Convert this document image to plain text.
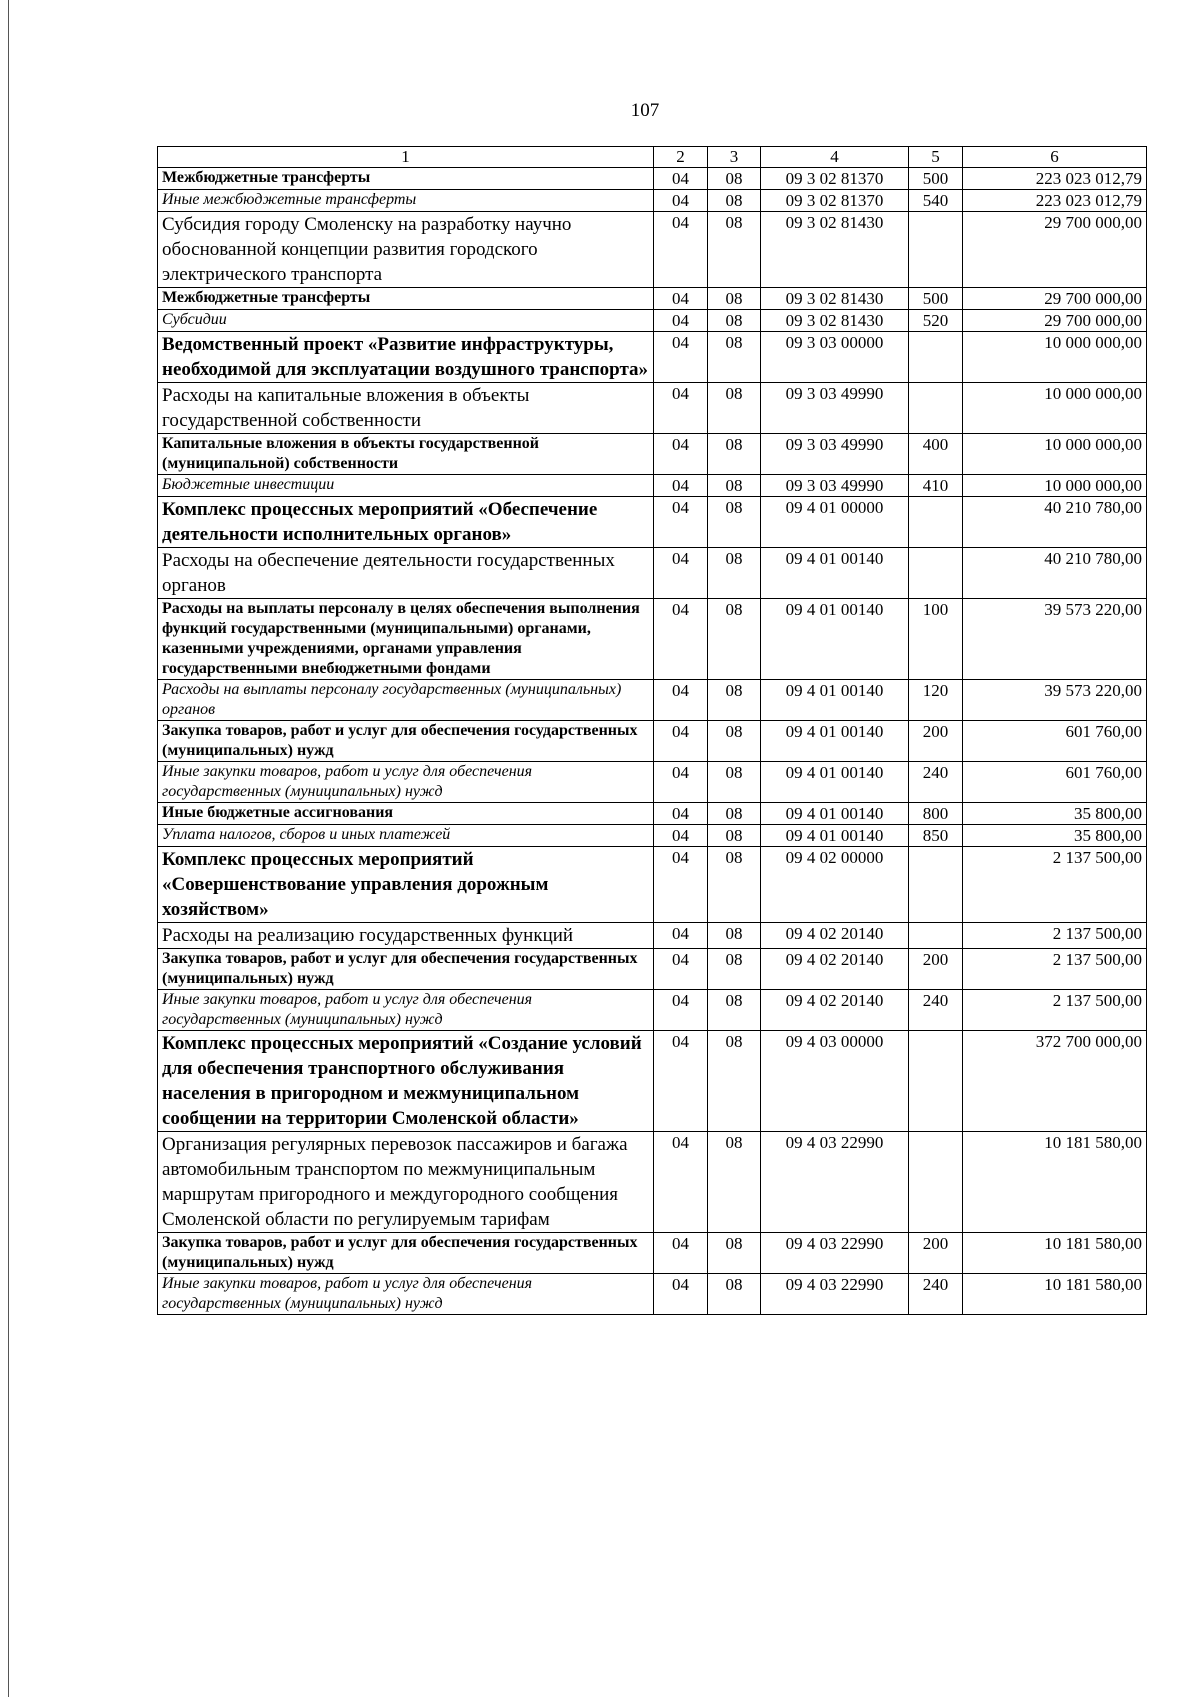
107
1	2	3	4	5	6
Межбюджетные трансферты	04	08	09 3 02 81370	500	223 023 012,79
Иные межбюджетные трансферты	04	08	09 3 02 81370	540	223 023 012,79
Субсидия городу Смоленску на разработку научно обоснованной концепции развития городского электрического транспорта	04	08	09 3 02 81430		29 700 000,00
Межбюджетные трансферты	04	08	09 3 02 81430	500	29 700 000,00
Субсидии	04	08	09 3 02 81430	520	29 700 000,00
Ведомственный проект «Развитие инфраструктуры, необходимой для эксплуатации воздушного транспорта»	04	08	09 3 03 00000		10 000 000,00
Расходы на капитальные вложения в объекты государственной собственности	04	08	09 3 03 49990		10 000 000,00
Капитальные вложения в объекты государственной (муниципальной) собственности	04	08	09 3 03 49990	400	10 000 000,00
Бюджетные инвестиции	04	08	09 3 03 49990	410	10 000 000,00
Комплекс процессных мероприятий «Обеспечение деятельности исполнительных органов»	04	08	09 4 01 00000		40 210 780,00
Расходы на обеспечение деятельности государственных органов	04	08	09 4 01 00140		40 210 780,00
Расходы на выплаты персоналу в целях обеспечения выполнения функций государственными (муниципальными) органами, казенными учреждениями, органами управления государственными внебюджетными фондами	04	08	09 4 01 00140	100	39 573 220,00
Расходы на выплаты персоналу государственных (муниципальных) органов	04	08	09 4 01 00140	120	39 573 220,00
Закупка товаров, работ и услуг для обеспечения государственных (муниципальных) нужд	04	08	09 4 01 00140	200	601 760,00
Иные закупки товаров, работ и услуг для обеспечения государственных (муниципальных) нужд	04	08	09 4 01 00140	240	601 760,00
Иные бюджетные ассигнования	04	08	09 4 01 00140	800	35 800,00
Уплата налогов, сборов и иных платежей	04	08	09 4 01 00140	850	35 800,00
Комплекс процессных мероприятий «Совершенствование управления дорожным хозяйством»	04	08	09 4 02 00000		2 137 500,00
Расходы на реализацию государственных функций	04	08	09 4 02 20140		2 137 500,00
Закупка товаров, работ и услуг для обеспечения государственных (муниципальных) нужд	04	08	09 4 02 20140	200	2 137 500,00
Иные закупки товаров, работ и услуг для обеспечения государственных (муниципальных) нужд	04	08	09 4 02 20140	240	2 137 500,00
Комплекс процессных мероприятий «Создание условий для обеспечения транспортного обслуживания населения в пригородном и межмуниципальном сообщении на территории Смоленской области»	04	08	09 4 03 00000		372 700 000,00
Организация регулярных перевозок пассажиров и багажа автомобильным транспортом по межмуниципальным маршрутам пригородного и междугородного сообщения Смоленской области по регулируемым тарифам	04	08	09 4 03 22990		10 181 580,00
Закупка товаров, работ и услуг для обеспечения государственных (муниципальных) нужд	04	08	09 4 03 22990	200	10 181 580,00
Иные закупки товаров, работ и услуг для обеспечения государственных (муниципальных) нужд	04	08	09 4 03 22990	240	10 181 580,00
